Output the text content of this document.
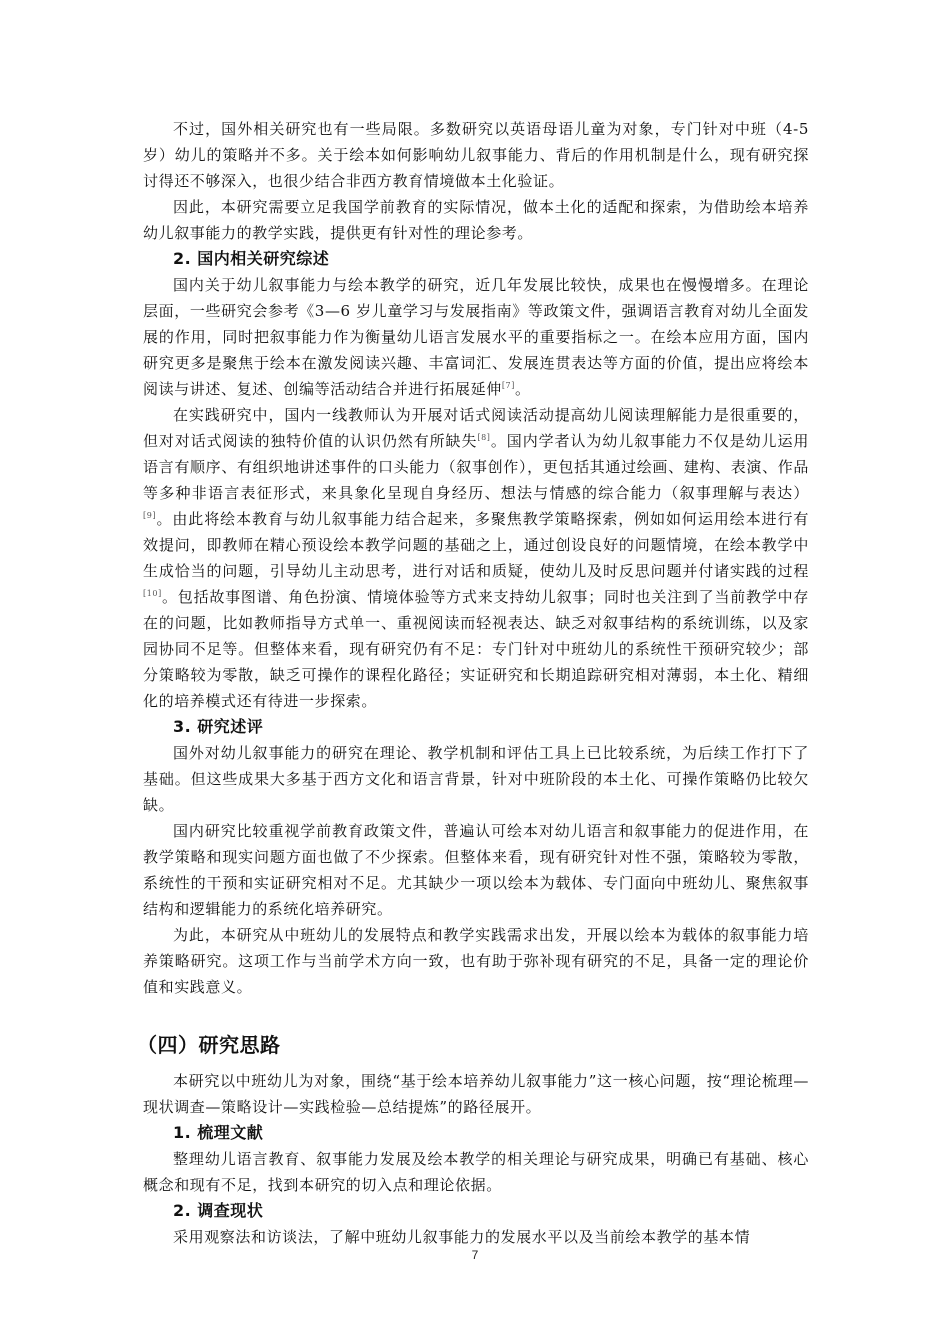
不过，国外相关研究也有一些局限。多数研究以英语母语儿童为对象，专门针对中班（4-5 岁）幼儿的策略并不多。关于绘本如何影响幼儿叙事能力、背后的作用机制是什么，现有研究探讨得还不够深入，也很少结合非西方教育情境做本土化验证。

因此，本研究需要立足我国学前教育的实际情况，做本土化的适配和探索，为借助绘本培养幼儿叙事能力的教学实践，提供更有针对性的理论参考。

2. 国内相关研究综述

国内关于幼儿叙事能力与绘本教学的研究，近几年发展比较快，成果也在慢慢增多。在理论层面，一些研究会参考《3—6 岁儿童学习与发展指南》等政策文件，强调语言教育对幼儿全面发展的作用，同时把叙事能力作为衡量幼儿语言发展水平的重要指标之一。在绘本应用方面，国内研究更多是聚焦于绘本在激发阅读兴趣、丰富词汇、发展连贯表达等方面的价值，提出应将绘本阅读与讲述、复述、创编等活动结合并进行拓展延伸[7]。

在实践研究中，国内一线教师认为开展对话式阅读活动提高幼儿阅读理解能力是很重要的，但对对话式阅读的独特价值的认识仍然有所缺失[8]。国内学者认为幼儿叙事能力不仅是幼儿运用语言有顺序、有组织地讲述事件的口头能力（叙事创作），更包括其通过绘画、建构、表演、作品等多种非语言表征形式，来具象化呈现自身经历、想法与情感的综合能力（叙事理解与表达）[9]。由此将绘本教育与幼儿叙事能力结合起来，多聚焦教学策略探索，例如如何运用绘本进行有效提问，即教师在精心预设绘本教学问题的基础之上，通过创设良好的问题情境，在绘本教学中生成恰当的问题，引导幼儿主动思考，进行对话和质疑，使幼儿及时反思问题并付诸实践的过程[10]。包括故事图谱、角色扮演、情境体验等方式来支持幼儿叙事；同时也关注到了当前教学中存在的问题，比如教师指导方式单一、重视阅读而轻视表达、缺乏对叙事结构的系统训练，以及家园协同不足等。但整体来看，现有研究仍有不足：专门针对中班幼儿的系统性干预研究较少；部分策略较为零散，缺乏可操作的课程化路径；实证研究和长期追踪研究相对薄弱，本土化、精细化的培养模式还有待进一步探索。

3. 研究述评

国外对幼儿叙事能力的研究在理论、教学机制和评估工具上已比较系统，为后续工作打下了基础。但这些成果大多基于西方文化和语言背景，针对中班阶段的本土化、可操作策略仍比较欠缺。

国内研究比较重视学前教育政策文件，普遍认可绘本对幼儿语言和叙事能力的促进作用，在教学策略和现实问题方面也做了不少探索。但整体来看，现有研究针对性不强，策略较为零散，系统性的干预和实证研究相对不足。尤其缺少一项以绘本为载体、专门面向中班幼儿、聚焦叙事结构和逻辑能力的系统化培养研究。

为此，本研究从中班幼儿的发展特点和教学实践需求出发，开展以绘本为载体的叙事能力培养策略研究。这项工作与当前学术方向一致，也有助于弥补现有研究的不足，具备一定的理论价值和实践意义。

（四）研究思路

本研究以中班幼儿为对象，围绕“基于绘本培养幼儿叙事能力”这一核心问题，按“理论梳理—现状调查—策略设计—实践检验—总结提炼”的路径展开。

1. 梳理文献

整理幼儿语言教育、叙事能力发展及绘本教学的相关理论与研究成果，明确已有基础、核心概念和现有不足，找到本研究的切入点和理论依据。

2. 调查现状

采用观察法和访谈法，了解中班幼儿叙事能力的发展水平以及当前绘本教学的基本情

7
